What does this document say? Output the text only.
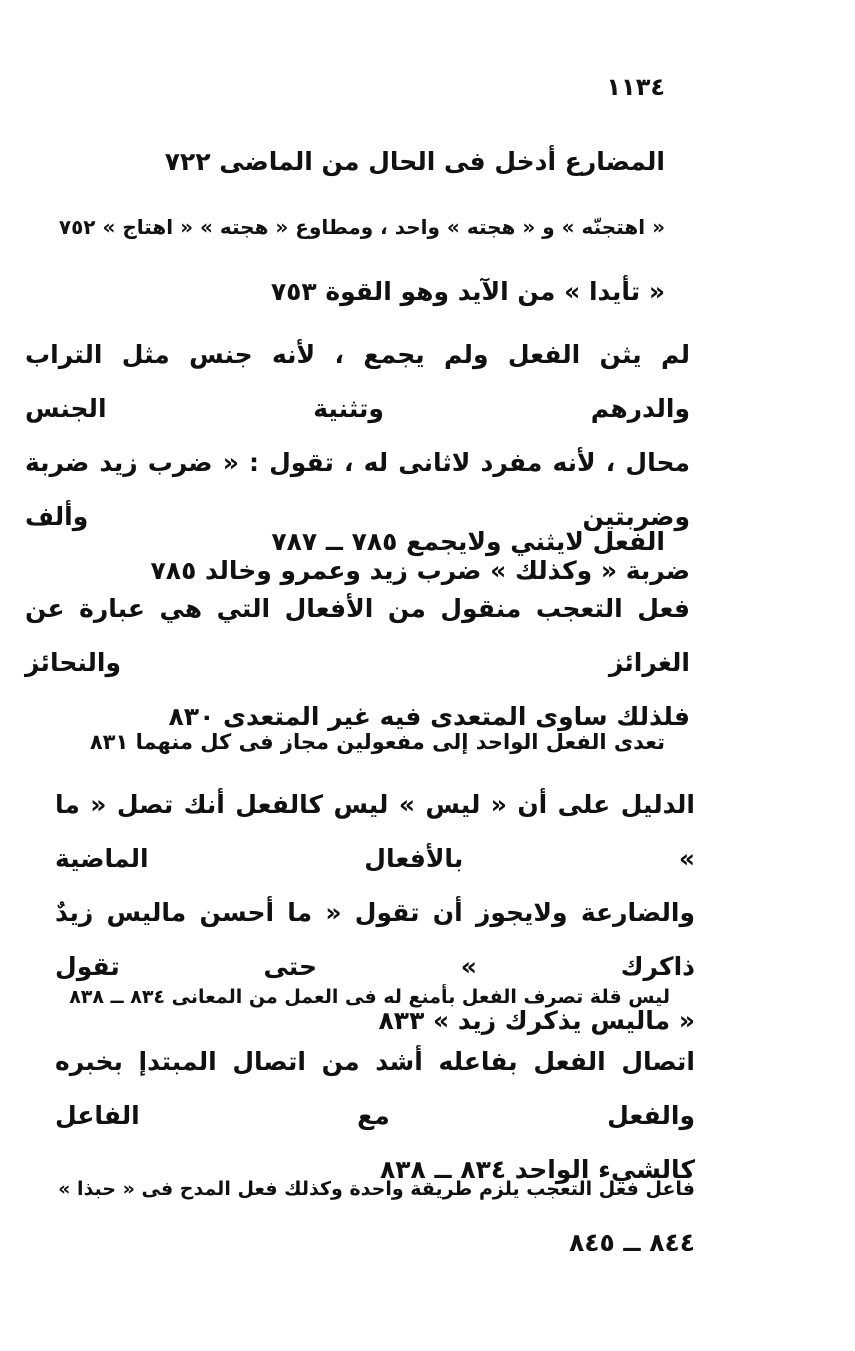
١١٣٤
المضارع أدخل فى الحال من الماضى ٧٢٢
« اهتجنّه » و « هجته » واحد ، ومطاوع « هجته » « اهتاج » ٧٥٢
« تأيدا » من الآيد وهو القوة ٧٥٣
لم يثن الفعل ولم يجمع ، لأنه جنس مثل التراب والدرهم وتثنية الجنس
محال ، لأنه مفرد لاثانى له ، تقول : « ضرب زيد ضربة وضربتين وألف
ضربة « وكذلك » ضرب زيد وعمرو وخالد ٧٨٥
الفعل لايثني ولايجمع ٧٨٥ ــ ٧٨٧
فعل التعجب منقول من الأفعال التي هي عبارة عن الغرائز والنحائز
فلذلك ساوى المتعدى فيه غير المتعدى ٨٣٠
تعدى الفعل الواحد إلى مفعولين مجاز فى كل منهما ٨٣١
الدليل على أن « ليس » ليس كالفعل أنك تصل « ما » بالأفعال الماضية
والضارعة ولايجوز أن تقول « ما أحسن ماليس زيدٌ ذاكرك » حتى تقول
« ماليس يذكرك زيد » ٨٣٣
ليس قلة تصرف الفعل بأمنع له فى العمل من المعانى ٨٣٤ ــ ٨٣٨
اتصال الفعل بفاعله أشد من اتصال المبتدإ بخبره والفعل مع الفاعل
كالشيء الواحد ٨٣٤ ــ ٨٣٨
فاعل فعل التعجب يلزم طريقة واحدة وكذلك فعل المدح فى « حبذا »
٨٤٤ ــ ٨٤٥
